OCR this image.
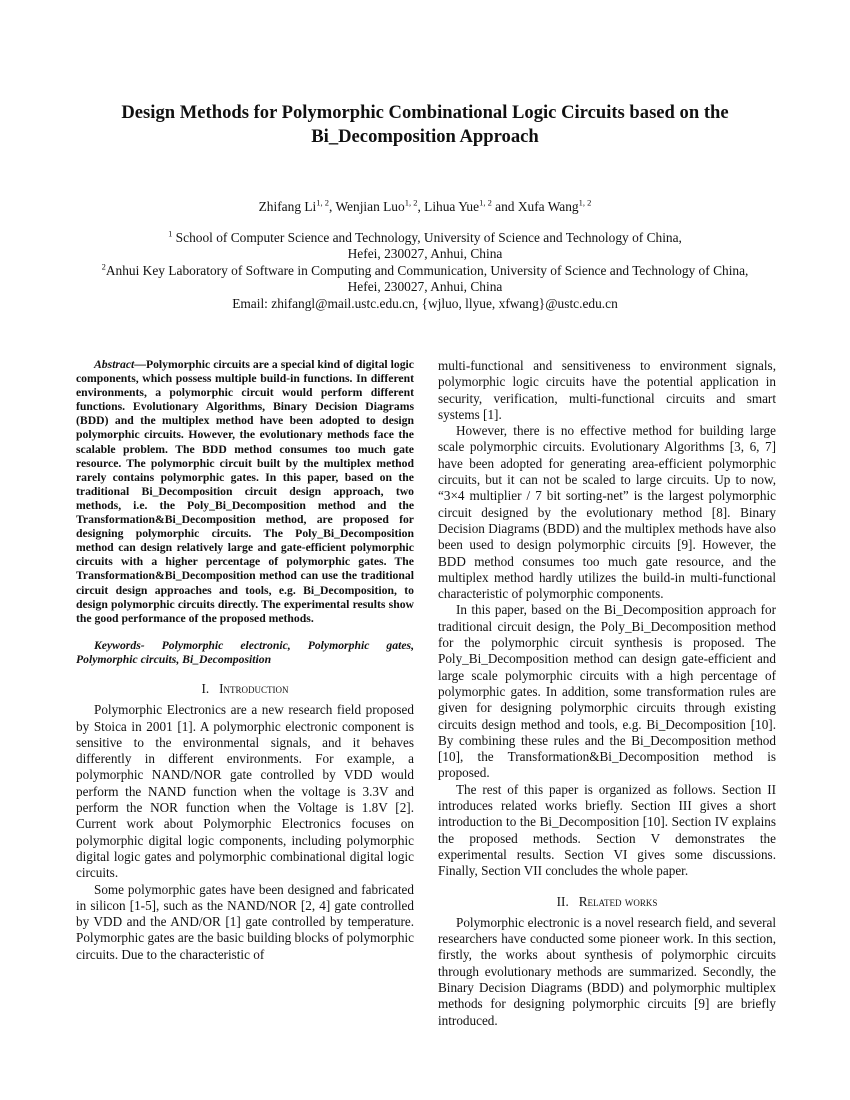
Design Methods for Polymorphic Combinational Logic Circuits based on the Bi_Decomposition Approach
Zhifang Li$^{1, 2}$, Wenjian Luo$^{1, 2}$, Lihua Yue$^{1, 2}$ and Xufa Wang$^{1, 2}$
$^1$ School of Computer Science and Technology, University of Science and Technology of China,
Hefei, 230027, Anhui, China
$^2$Anhui Key Laboratory of Software in Computing and Communication, University of Science and Technology of China,
Hefei, 230027, Anhui, China
Email: zhifangl@mail.ustc.edu.cn, {wjluo, llyue, xfwang}@ustc.edu.cn

Abstract—Polymorphic circuits are a special kind of digital logic components, which possess multiple build-in functions. In different environments, a polymorphic circuit would perform different functions. Evolutionary Algorithms, Binary Decision Diagrams (BDD) and the multiplex method have been adopted to design polymorphic circuits. However, the evolutionary methods face the scalable problem. The BDD method consumes too much gate resource. The polymorphic circuit built by the multiplex method rarely contains polymorphic gates. In this paper, based on the traditional Bi_Decomposition circuit design approach, two methods, i.e. the Poly_Bi_Decomposition method and the Transformation&Bi_Decomposition method, are proposed for designing polymorphic circuits. The Poly_Bi_Decomposition method can design relatively large and gate-efficient polymorphic circuits with a higher percentage of polymorphic gates. The Transformation&Bi_Decomposition method can use the traditional circuit design approaches and tools, e.g. Bi_Decomposition, to design polymorphic circuits directly. The experimental results show the good performance of the proposed methods.

Keywords- Polymorphic electronic, Polymorphic gates, Polymorphic circuits, Bi_Decomposition

I. Introduction

Polymorphic Electronics are a new research field proposed by Stoica in 2001 [1]. A polymorphic electronic component is sensitive to the environmental signals, and it behaves differently in different environments. For example, a polymorphic NAND/NOR gate controlled by VDD would perform the NAND function when the voltage is 3.3V and perform the NOR function when the Voltage is 1.8V [2]. Current work about Polymorphic Electronics focuses on polymorphic digital logic components, including polymorphic digital logic gates and polymorphic combinational digital logic circuits.

Some polymorphic gates have been designed and fabricated in silicon [1-5], such as the NAND/NOR [2, 4] gate controlled by VDD and the AND/OR [1] gate controlled by temperature. Polymorphic gates are the basic building blocks of polymorphic circuits. Due to the characteristic of

multi-functional and sensitiveness to environment signals, polymorphic logic circuits have the potential application in security, verification, multi-functional circuits and smart systems [1].

However, there is no effective method for building large scale polymorphic circuits. Evolutionary Algorithms [3, 6, 7] have been adopted for generating area-efficient polymorphic circuits, but it can not be scaled to large circuits. Up to now, “3×4 multiplier / 7 bit sorting-net” is the largest polymorphic circuit designed by the evolutionary method [8]. Binary Decision Diagrams (BDD) and the multiplex methods have also been used to design polymorphic circuits [9]. However, the BDD method consumes too much gate resource, and the multiplex method hardly utilizes the build-in multi-functional characteristic of polymorphic components.

In this paper, based on the Bi_Decomposition approach for traditional circuit design, the Poly_Bi_Decomposition method for the polymorphic circuit synthesis is proposed. The Poly_Bi_Decomposition method can design gate-efficient and large scale polymorphic circuits with a high percentage of polymorphic gates. In addition, some transformation rules are given for designing polymorphic circuits through existing circuits design method and tools, e.g. Bi_Decomposition [10]. By combining these rules and the Bi_Decomposition method [10], the Transformation&Bi_Decomposition method is proposed.

The rest of this paper is organized as follows. Section II introduces related works briefly. Section III gives a short introduction to the Bi_Decomposition [10]. Section IV explains the proposed methods. Section V demonstrates the experimental results. Section VI gives some discussions. Finally, Section VII concludes the whole paper.

II. Related works

Polymorphic electronic is a novel research field, and several researchers have conducted some pioneer work. In this section, firstly, the works about synthesis of polymorphic circuits through evolutionary methods are summarized. Secondly, the Binary Decision Diagrams (BDD) and polymorphic multiplex methods for designing polymorphic circuits [9] are briefly introduced.
